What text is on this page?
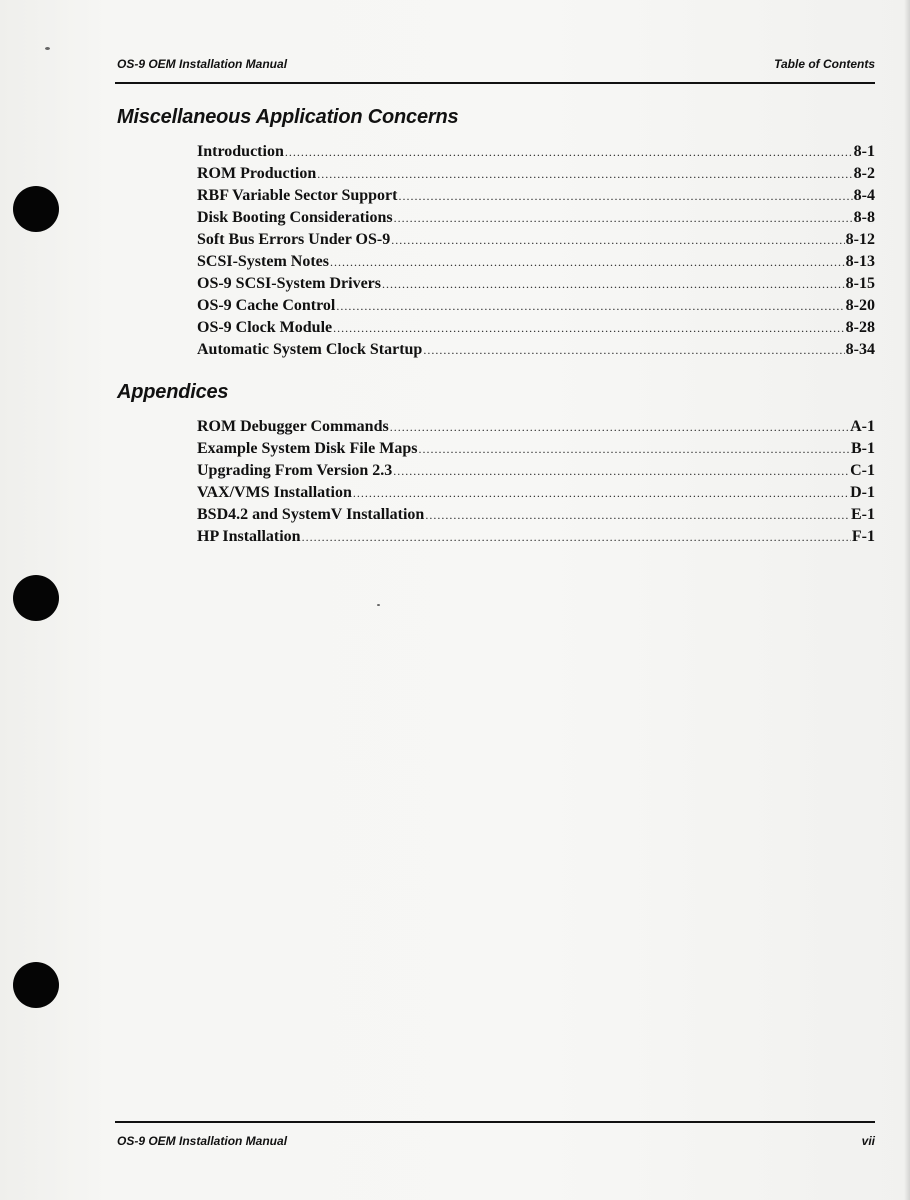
OS-9 OEM Installation Manual	Table of Contents
Miscellaneous Application Concerns
Introduction .....	8-1
ROM Production .....	8-2
RBF Variable Sector Support .....	8-4
Disk Booting Considerations .....	8-8
Soft Bus Errors Under OS-9 .....	8-12
SCSI-System Notes .....	8-13
OS-9 SCSI-System Drivers .....	8-15
OS-9 Cache Control .....	8-20
OS-9 Clock Module .....	8-28
Automatic System Clock Startup .....	8-34
Appendices
ROM Debugger Commands .....	A-1
Example System Disk File Maps .....	B-1
Upgrading From Version 2.3 .....	C-1
VAX/VMS Installation .....	D-1
BSD4.2 and SystemV Installation .....	E-1
HP Installation .....	F-1
OS-9 OEM Installation Manual	vii
